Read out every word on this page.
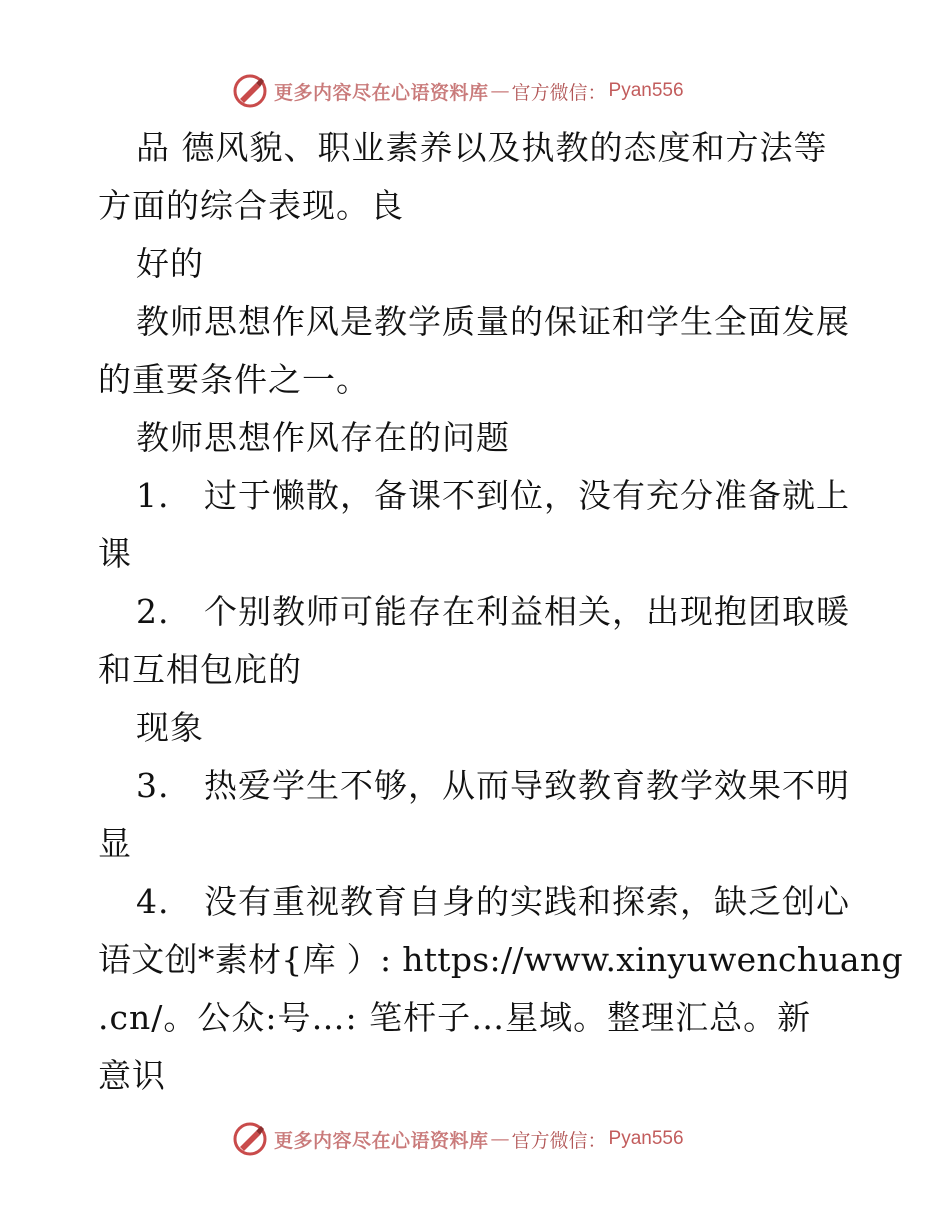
更多内容尽在心语资料库 — 官方微信： Pyan556
品 德风貌、职业素养以及执教的态度和方法等
方面的综合表现。良
好的
教师思想作风是教学质量的保证和学生全面发展
的重要条件之一。
教师思想作风存在的问题
1. 过于懒散，备课不到位，没有充分准备就上
课
2. 个别教师可能存在利益相关，出现抱团取暖
和互相包庇的
现象
3. 热爱学生不够，从而导致教育教学效果不明
显
4. 没有重视教育自身的实践和探索，缺乏创心
语文创*素材{库 ）: https://www.xinyuwenchuang
.cn/。公众:号…: 笔杆子…星域。整理汇总。新
意识
更多内容尽在心语资料库 — 官方微信： Pyan556
